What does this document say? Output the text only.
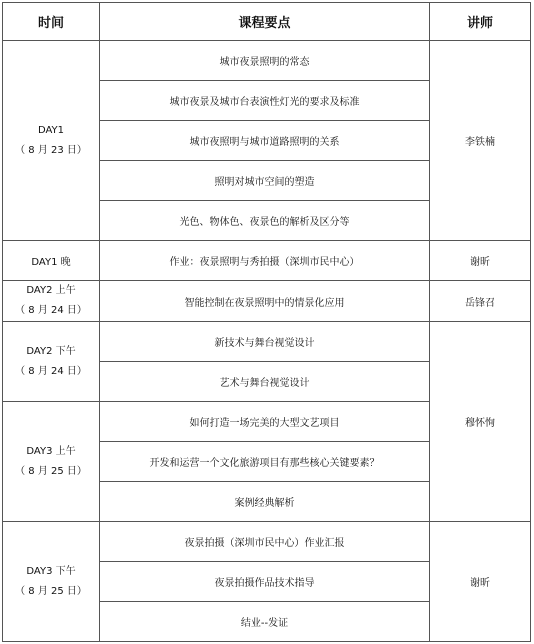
时间	课程要点	讲师

DAY1
（ 8 月 23 日）	城市夜景照明的常态	李铁楠
	城市夜景及城市台表演性灯光的要求及标准	
	城市夜照明与城市道路照明的关系	
	照明对城市空间的塑造	
	光色、物体色、夜景色的解析及区分等	
DAY1 晚	作业：夜景照明与秀拍摄（深圳市民中心）	谢昕

DAY2 上午
（ 8 月 24 日）	智能控制在夜景照明中的情景化应用	岳锋召

DAY2 下午
（ 8 月 24 日）	新技术与舞台视觉设计	穆怀恂
	艺术与舞台视觉设计	

DAY3 上午
（ 8 月 25 日）	如何打造一场完美的大型文艺项目	
	开发和运营一个文化旅游项目有那些核心关键要素？	
	案例经典解析	

DAY3 下午
（ 8 月 25 日）	夜景拍摄（深圳市民中心）作业汇报	谢昕
	夜景拍摄作品技术指导	
	结业--发证	
